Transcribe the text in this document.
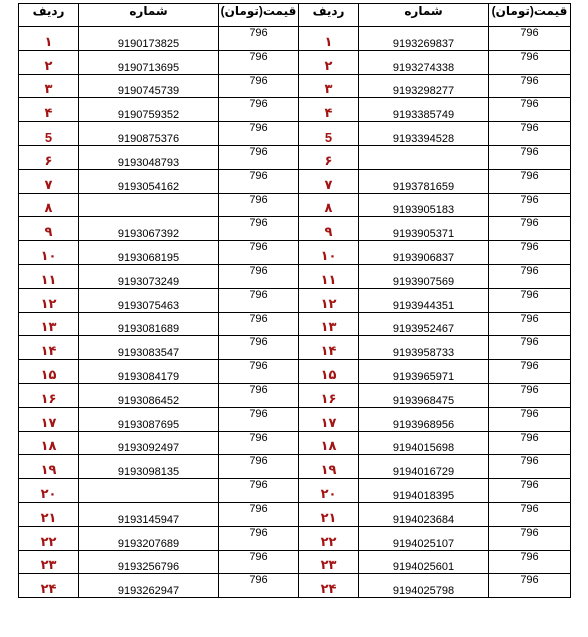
ردیف	شماره	قیمت(تومان)	ردیف	شماره	قیمت(تومان)
۱	9190173825	796	۱	9193269837	796
۲	9190713695	796	۲	9193274338	796
۳	9190745739	796	۳	9193298277	796
۴	9190759352	796	۴	9193385749	796
5	9190875376	796	5	9193394528	796
۶	9193048793	796	۶		796
۷	9193054162	796	۷	9193781659	796
۸		796	۸	9193905183	796
۹	9193067392	796	۹	9193905371	796
۱۰	9193068195	796	۱۰	9193906837	796
۱۱	9193073249	796	۱۱	9193907569	796
۱۲	9193075463	796	۱۲	9193944351	796
۱۳	9193081689	796	۱۳	9193952467	796
۱۴	9193083547	796	۱۴	9193958733	796
۱۵	9193084179	796	۱۵	9193965971	796
۱۶	9193086452	796	۱۶	9193968475	796
۱۷	9193087695	796	۱۷	9193968956	796
۱۸	9193092497	796	۱۸	9194015698	796
۱۹	9193098135	796	۱۹	9194016729	796
۲۰		796	۲۰	9194018395	796
۲۱	9193145947	796	۲۱	9194023684	796
۲۲	9193207689	796	۲۲	9194025107	796
۲۳	9193256796	796	۲۳	9194025601	796
۲۴	9193262947	796	۲۴	9194025798	796
